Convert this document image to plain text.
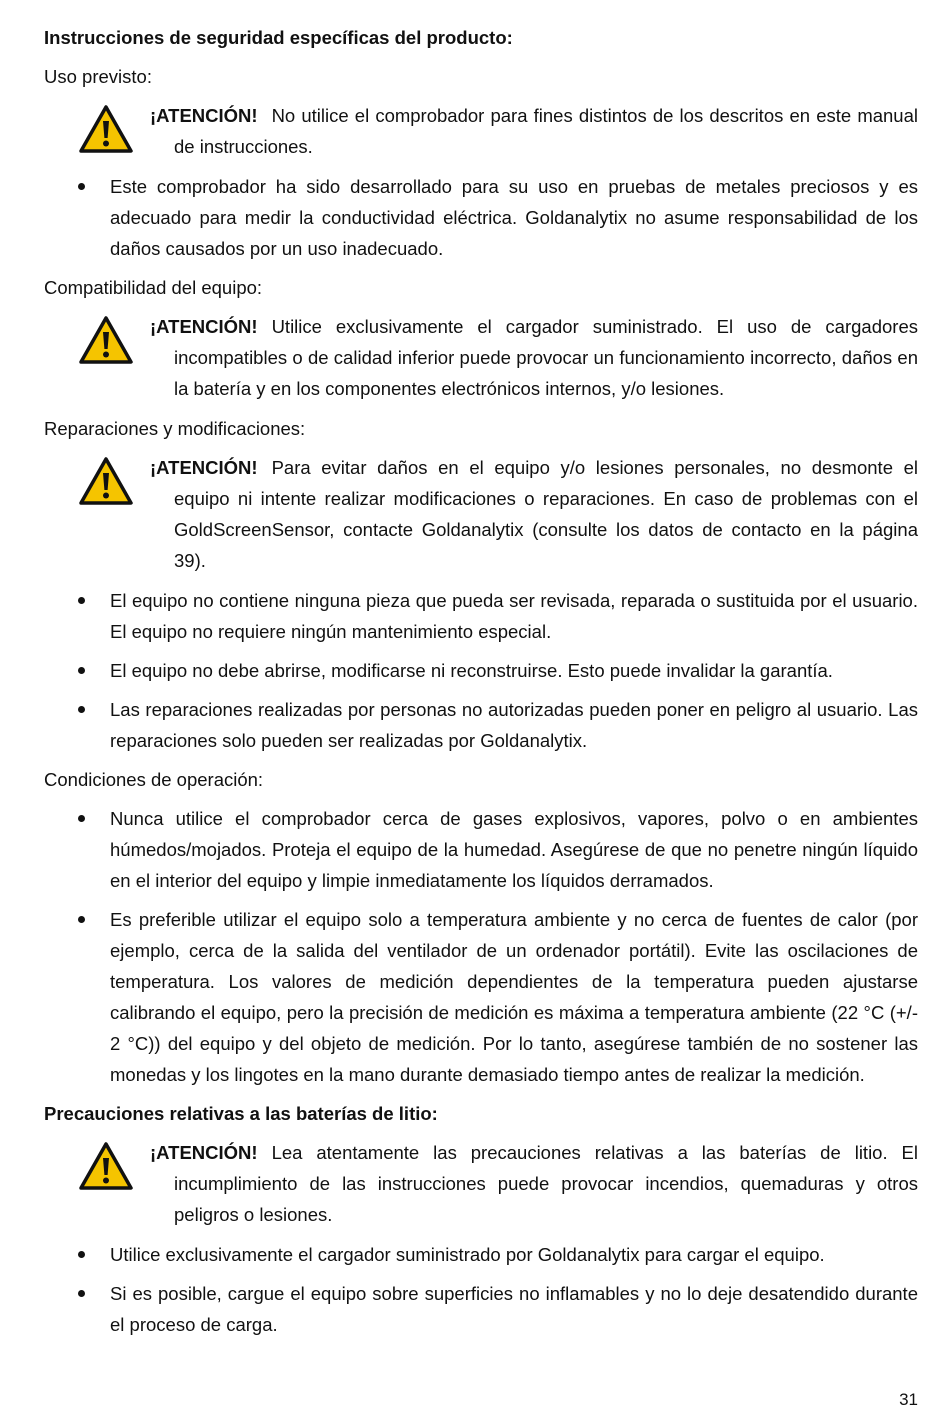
Instrucciones de seguridad específicas del producto:
Uso previsto:
¡ATENCIÓN! No utilice el comprobador para fines distintos de los descritos en este manual de instrucciones.
Este comprobador ha sido desarrollado para su uso en pruebas de metales preciosos y es adecuado para medir la conductividad eléctrica. Goldanalytix no asume responsabilidad de los daños causados por un uso inadecuado.
Compatibilidad del equipo:
¡ATENCIÓN! Utilice exclusivamente el cargador suministrado. El uso de cargadores incompatibles o de calidad inferior puede provocar un funcionamiento incorrecto, daños en la batería y en los componentes electrónicos internos, y/o lesiones.
Reparaciones y modificaciones:
¡ATENCIÓN! Para evitar daños en el equipo y/o lesiones personales, no desmonte el equipo ni intente realizar modificaciones o reparaciones. En caso de problemas con el GoldScreenSensor, contacte Goldanalytix (consulte los datos de contacto en la página 39).
El equipo no contiene ninguna pieza que pueda ser revisada, reparada o sustituida por el usuario. El equipo no requiere ningún mantenimiento especial.
El equipo no debe abrirse, modificarse ni reconstruirse. Esto puede invalidar la garantía.
Las reparaciones realizadas por personas no autorizadas pueden poner en peligro al usuario. Las reparaciones solo pueden ser realizadas por Goldanalytix.
Condiciones de operación:
Nunca utilice el comprobador cerca de gases explosivos, vapores, polvo o en ambientes húmedos/mojados. Proteja el equipo de la humedad. Asegúrese de que no penetre ningún líquido en el interior del equipo y limpie inmediatamente los líquidos derramados.
Es preferible utilizar el equipo solo a temperatura ambiente y no cerca de fuentes de calor (por ejemplo, cerca de la salida del ventilador de un ordenador portátil). Evite las oscilaciones de temperatura. Los valores de medición dependientes de la temperatura pueden ajustarse calibrando el equipo, pero la precisión de medición es máxima a temperatura ambiente (22 °C (+/- 2 °C)) del equipo y del objeto de medición. Por lo tanto, asegúrese también de no sostener las monedas y los lingotes en la mano durante demasiado tiempo antes de realizar la medición.
Precauciones relativas a las baterías de litio:
¡ATENCIÓN! Lea atentamente las precauciones relativas a las baterías de litio. El incumplimiento de las instrucciones puede provocar incendios, quemaduras y otros peligros o lesiones.
Utilice exclusivamente el cargador suministrado por Goldanalytix para cargar el equipo.
Si es posible, cargue el equipo sobre superficies no inflamables y no lo deje desatendido durante el proceso de carga.
31
